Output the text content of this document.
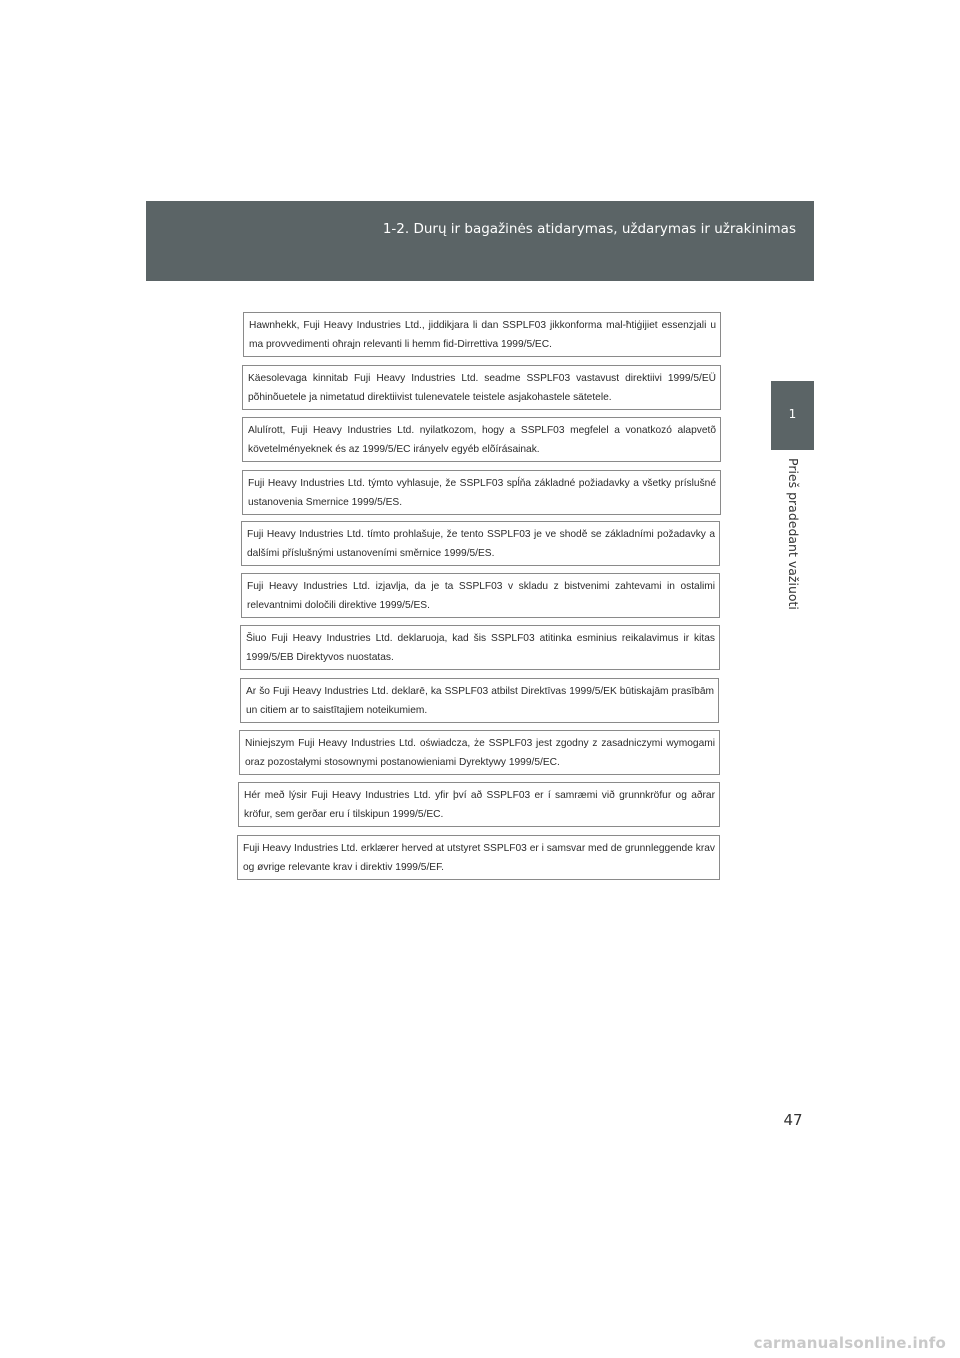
1-2. Durų ir bagažinės atidarymas, uždarymas ir užrakinimas
1
Prieš pradedant važiuoti
Hawnhekk, Fuji Heavy Industries Ltd., jiddikjara li dan SSPLF03 jikkonforma mal-ħtiġijiet essenzjali u ma provvedimenti oħrajn relevanti li hemm fid-Dirrettiva 1999/5/EC.
Käesolevaga kinnitab Fuji Heavy Industries Ltd. seadme SSPLF03 vastavust direktiivi 1999/5/EÜ põhinõuetele ja nimetatud direktiivist tulenevatele teistele asjakohastele sätetele.
Alulírott, Fuji Heavy Industries Ltd. nyilatkozom, hogy a SSPLF03 megfelel a vonatkozó alapvetõ követelményeknek és az 1999/5/EC irányelv egyéb elõírásainak.
Fuji Heavy Industries Ltd. týmto vyhlasuje, že SSPLF03 spĺňa základné požiadavky a všetky príslušné ustanovenia Smernice 1999/5/ES.
Fuji Heavy Industries Ltd. tímto prohlašuje, že tento SSPLF03 je ve shodě se základními požadavky a dalšími příslušnými ustanoveními směrnice 1999/5/ES.
Fuji Heavy Industries Ltd. izjavlja, da je ta SSPLF03 v skladu z bistvenimi zahtevami in ostalimi relevantnimi določili direktive 1999/5/ES.
Šiuo Fuji Heavy Industries Ltd. deklaruoja, kad šis SSPLF03 atitinka esminius reikalavimus ir kitas 1999/5/EB Direktyvos nuostatas.
Ar šo Fuji Heavy Industries Ltd. deklarē, ka SSPLF03 atbilst Direktīvas 1999/5/EK būtiskajām prasībām un citiem ar to saistītajiem noteikumiem.
Niniejszym Fuji Heavy Industries Ltd. oświadcza, że SSPLF03 jest zgodny z zasadniczymi wymogami oraz pozostałymi stosownymi postanowieniami Dyrektywy 1999/5/EC.
Hér með lýsir Fuji Heavy Industries Ltd. yfir því að SSPLF03 er í samræmi við grunnkröfur og aðrar kröfur, sem gerðar eru í tilskipun 1999/5/EC.
Fuji Heavy Industries Ltd. erklærer herved at utstyret SSPLF03 er i samsvar med de grunnleggende krav og øvrige relevante krav i direktiv 1999/5/EF.
47
carmanualsonline.info
